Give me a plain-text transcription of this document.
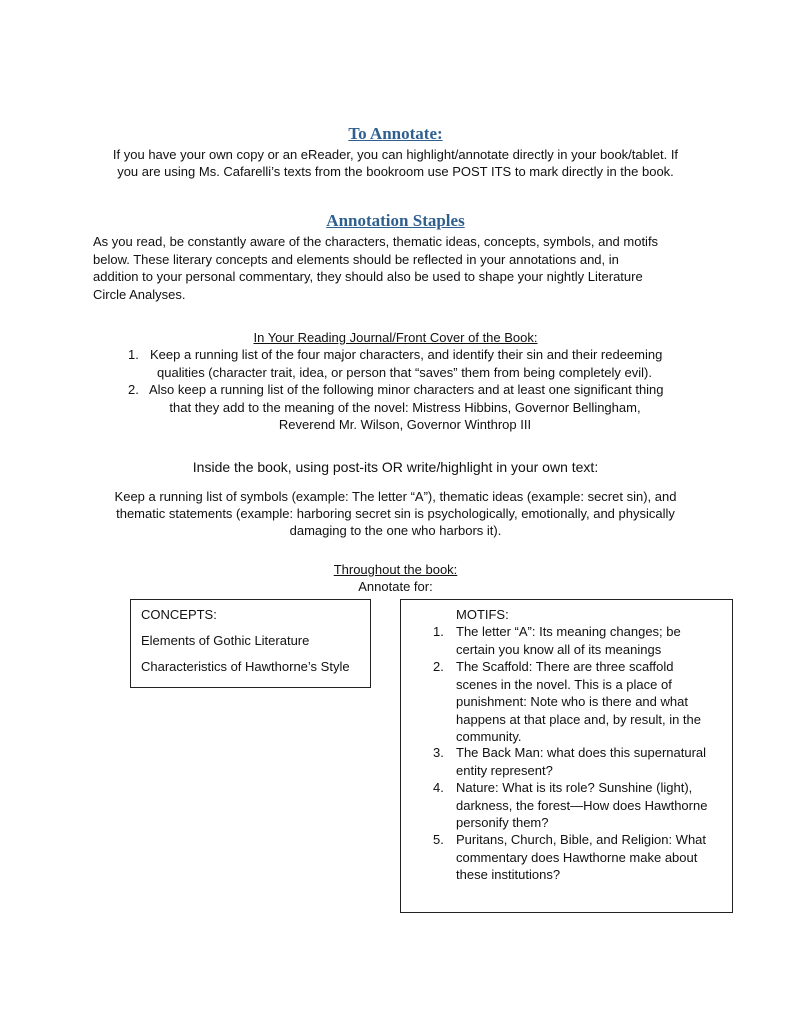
To Annotate:
If you have your own copy or an eReader, you can highlight/annotate directly in your book/tablet. If
you are using Ms. Cafarelli’s texts from the bookroom use POST ITS to mark directly in the book.
Annotation Staples

As you read, be constantly aware of the characters, thematic ideas, concepts, symbols, and motifs

below. These literary concepts and elements should be reflected in your annotations and, in

addition to your personal commentary, they should also be used to shape your nightly Literature

Circle Analyses.

In Your Reading Journal/Front Cover of the Book:
1. Keep a running list of the four major characters, and identify their sin and their redeeming
qualities (character trait, idea, or person that “saves” them from being completely evil).
2. Also keep a running list of the following minor characters and at least one significant thing
that they add to the meaning of the novel: Mistress Hibbins, Governor Bellingham,
Reverend Mr. Wilson, Governor Winthrop III
Inside the book, using post-its OR write/highlight in your own text:
Keep a running list of symbols (example: The letter “A”), thematic ideas (example: secret sin), and
thematic statements (example: harboring secret sin is psychologically, emotionally, and physically
damaging to the one who harbors it).
Throughout the book:
Annotate for:
CONCEPTS:
Elements of Gothic Literature
Characteristics of Hawthorne’s Style
MOTIFS:
1. The letter “A”: Its meaning changes; be

certain you know all of its meanings

2. The Scaffold: There are three scaffold

scenes in the novel. This is a place of

punishment: Note who is there and what

happens at that place and, by result, in the

community.

3. The Back Man: what does this supernatural

entity represent?

4. Nature: What is its role? Sunshine (light),

darkness, the forest—How does Hawthorne

personify them?

5. Puritans, Church, Bible, and Religion: What

commentary does Hawthorne make about

these institutions?
